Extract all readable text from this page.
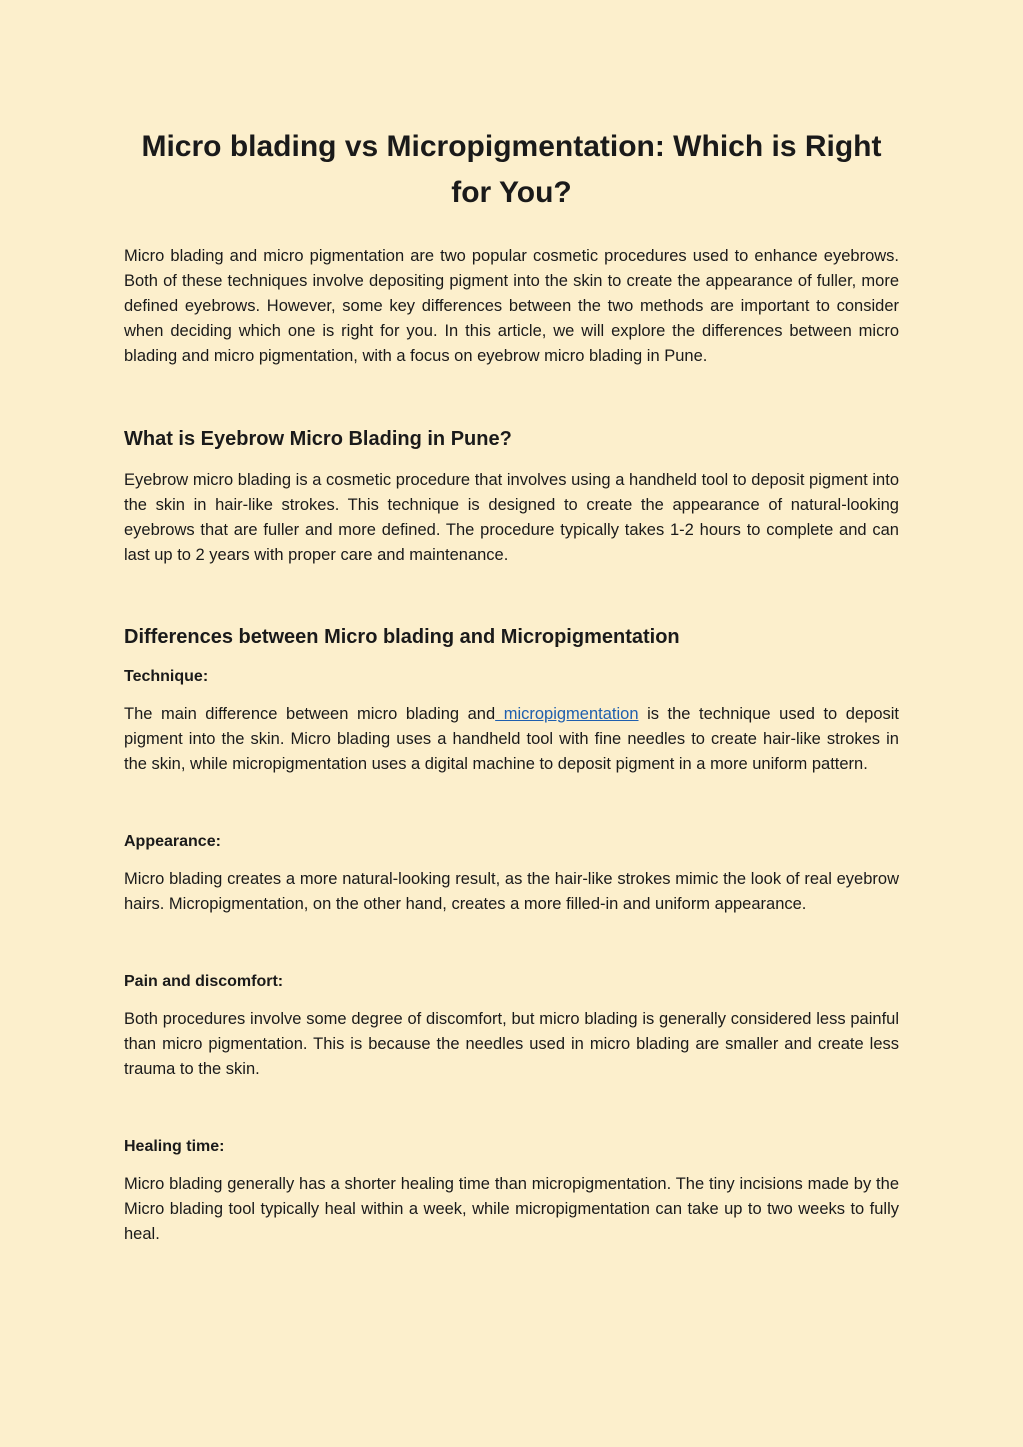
Micro blading vs Micropigmentation: Which is Right for You?

Micro blading and micro pigmentation are two popular cosmetic procedures used to enhance eyebrows. Both of these techniques involve depositing pigment into the skin to create the appearance of fuller, more defined eyebrows. However, some key differences between the two methods are important to consider when deciding which one is right for you. In this article, we will explore the differences between micro blading and micro pigmentation, with a focus on eyebrow micro blading in Pune.

What is Eyebrow Micro Blading in Pune?

Eyebrow micro blading is a cosmetic procedure that involves using a handheld tool to deposit pigment into the skin in hair-like strokes. This technique is designed to create the appearance of natural-looking eyebrows that are fuller and more defined. The procedure typically takes 1-2 hours to complete and can last up to 2 years with proper care and maintenance.

Differences between Micro blading and Micropigmentation
Technique:

The main difference between micro blading and micropigmentation is the technique used to deposit pigment into the skin. Micro blading uses a handheld tool with fine needles to create hair-like strokes in the skin, while micropigmentation uses a digital machine to deposit pigment in a more uniform pattern.

Appearance:

Micro blading creates a more natural-looking result, as the hair-like strokes mimic the look of real eyebrow hairs. Micropigmentation, on the other hand, creates a more filled-in and uniform appearance.

Pain and discomfort:

Both procedures involve some degree of discomfort, but micro blading is generally considered less painful than micro pigmentation. This is because the needles used in micro blading are smaller and create less trauma to the skin.

Healing time:

Micro blading generally has a shorter healing time than micropigmentation. The tiny incisions made by the Micro blading tool typically heal within a week, while micropigmentation can take up to two weeks to fully heal.
